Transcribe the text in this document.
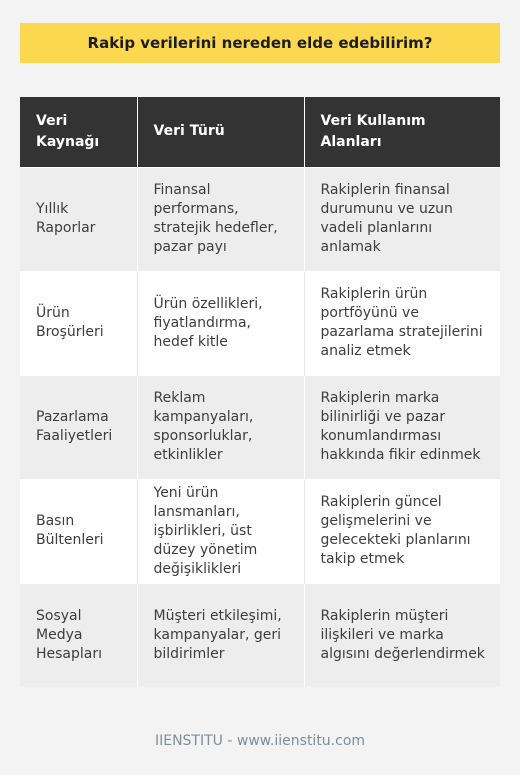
Rakip verilerini nereden elde edebilirim?
Veri Kaynağı	Veri Türü	Veri Kullanım Alanları
Yıllık Raporlar	Finansal performans, stratejik hedefler, pazar payı	Rakiplerin finansal durumunu ve uzun vadeli planlarını anlamak
Ürün Broşürleri	Ürün özellikleri, fiyatlandırma, hedef kitle	Rakiplerin ürün portföyünü ve pazarlama stratejilerini analiz etmek
Pazarlama Faaliyetleri	Reklam kampanyaları, sponsorluklar, etkinlikler	Rakiplerin marka bilinirliği ve pazar konumlandırması hakkında fikir edinmek
Basın Bültenleri	Yeni ürün lansmanları, işbirlikleri, üst düzey yönetim değişiklikleri	Rakiplerin güncel gelişmelerini ve gelecekteki planlarını takip etmek
Sosyal Medya Hesapları	Müşteri etkileşimi, kampanyalar, geri bildirimler	Rakiplerin müşteri ilişkileri ve marka algısını değerlendirmek
IIENSTITU - www.iienstitu.com
